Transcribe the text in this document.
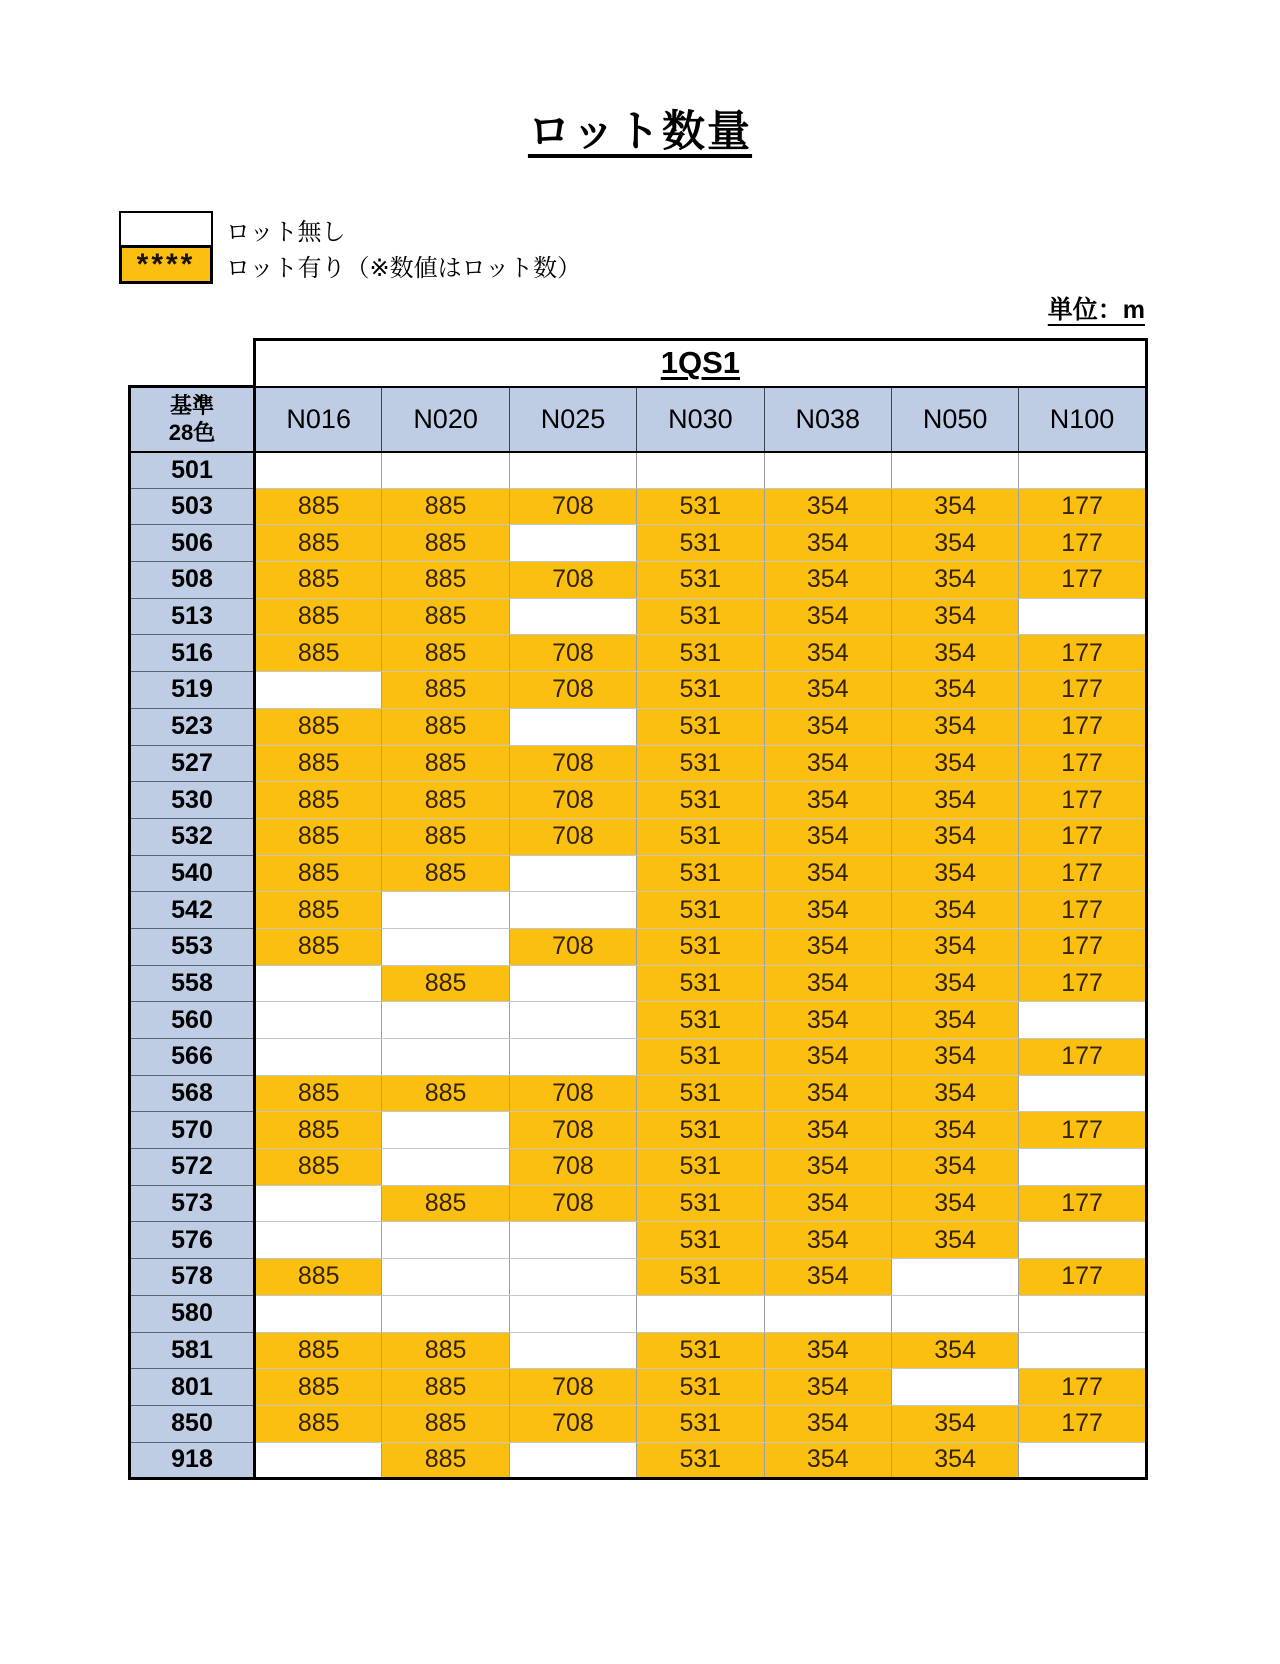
ロット数量
ロット無し
**** ロット有り（※数値はロット数）
単位：m
	1QS1						

基準
28色	N016	N020	N025	N030	N038	N050	N100
501							
503	885	885	708	531	354	354	177
506	885	885		531	354	354	177
508	885	885	708	531	354	354	177
513	885	885		531	354	354	
516	885	885	708	531	354	354	177
519		885	708	531	354	354	177
523	885	885		531	354	354	177
527	885	885	708	531	354	354	177
530	885	885	708	531	354	354	177
532	885	885	708	531	354	354	177
540	885	885		531	354	354	177
542	885			531	354	354	177
553	885		708	531	354	354	177
558		885		531	354	354	177
560				531	354	354	
566				531	354	354	177
568	885	885	708	531	354	354	
570	885		708	531	354	354	177
572	885		708	531	354	354	
573		885	708	531	354	354	177
576				531	354	354	
578	885			531	354		177
580							
581	885	885		531	354	354	
801	885	885	708	531	354		177
850	885	885	708	531	354	354	177
918		885		531	354	354	
